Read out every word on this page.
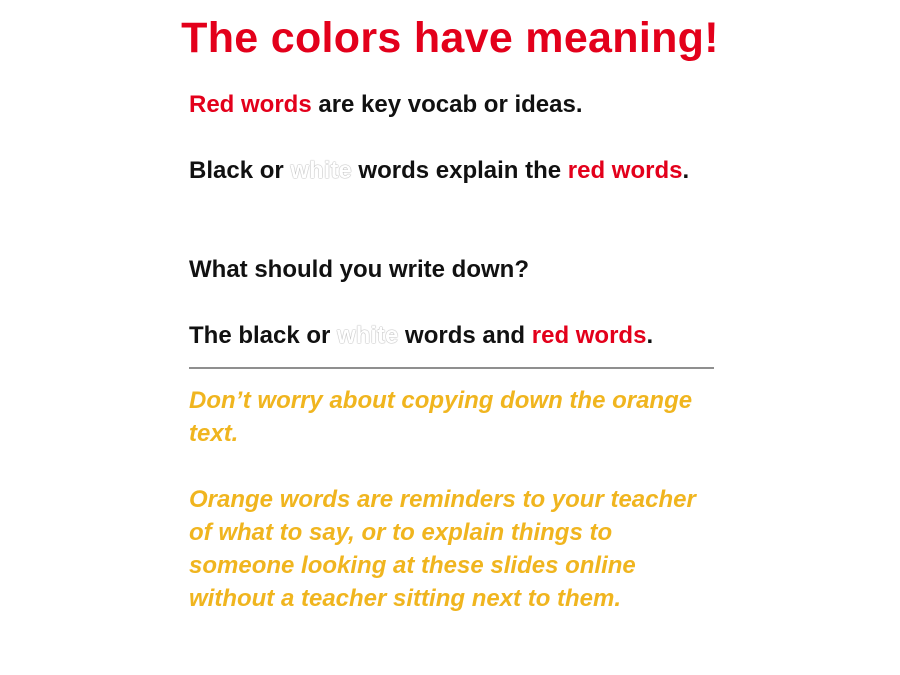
The colors have meaning!

Red words are key vocab or ideas.

Black or white words explain the red words.

What should you write down?

The black or white words and red words.

Don’t worry about copying down the orange text.

Orange words are reminders to your teacher of what to say, or to explain things to someone looking at these slides online without a teacher sitting next to them.
